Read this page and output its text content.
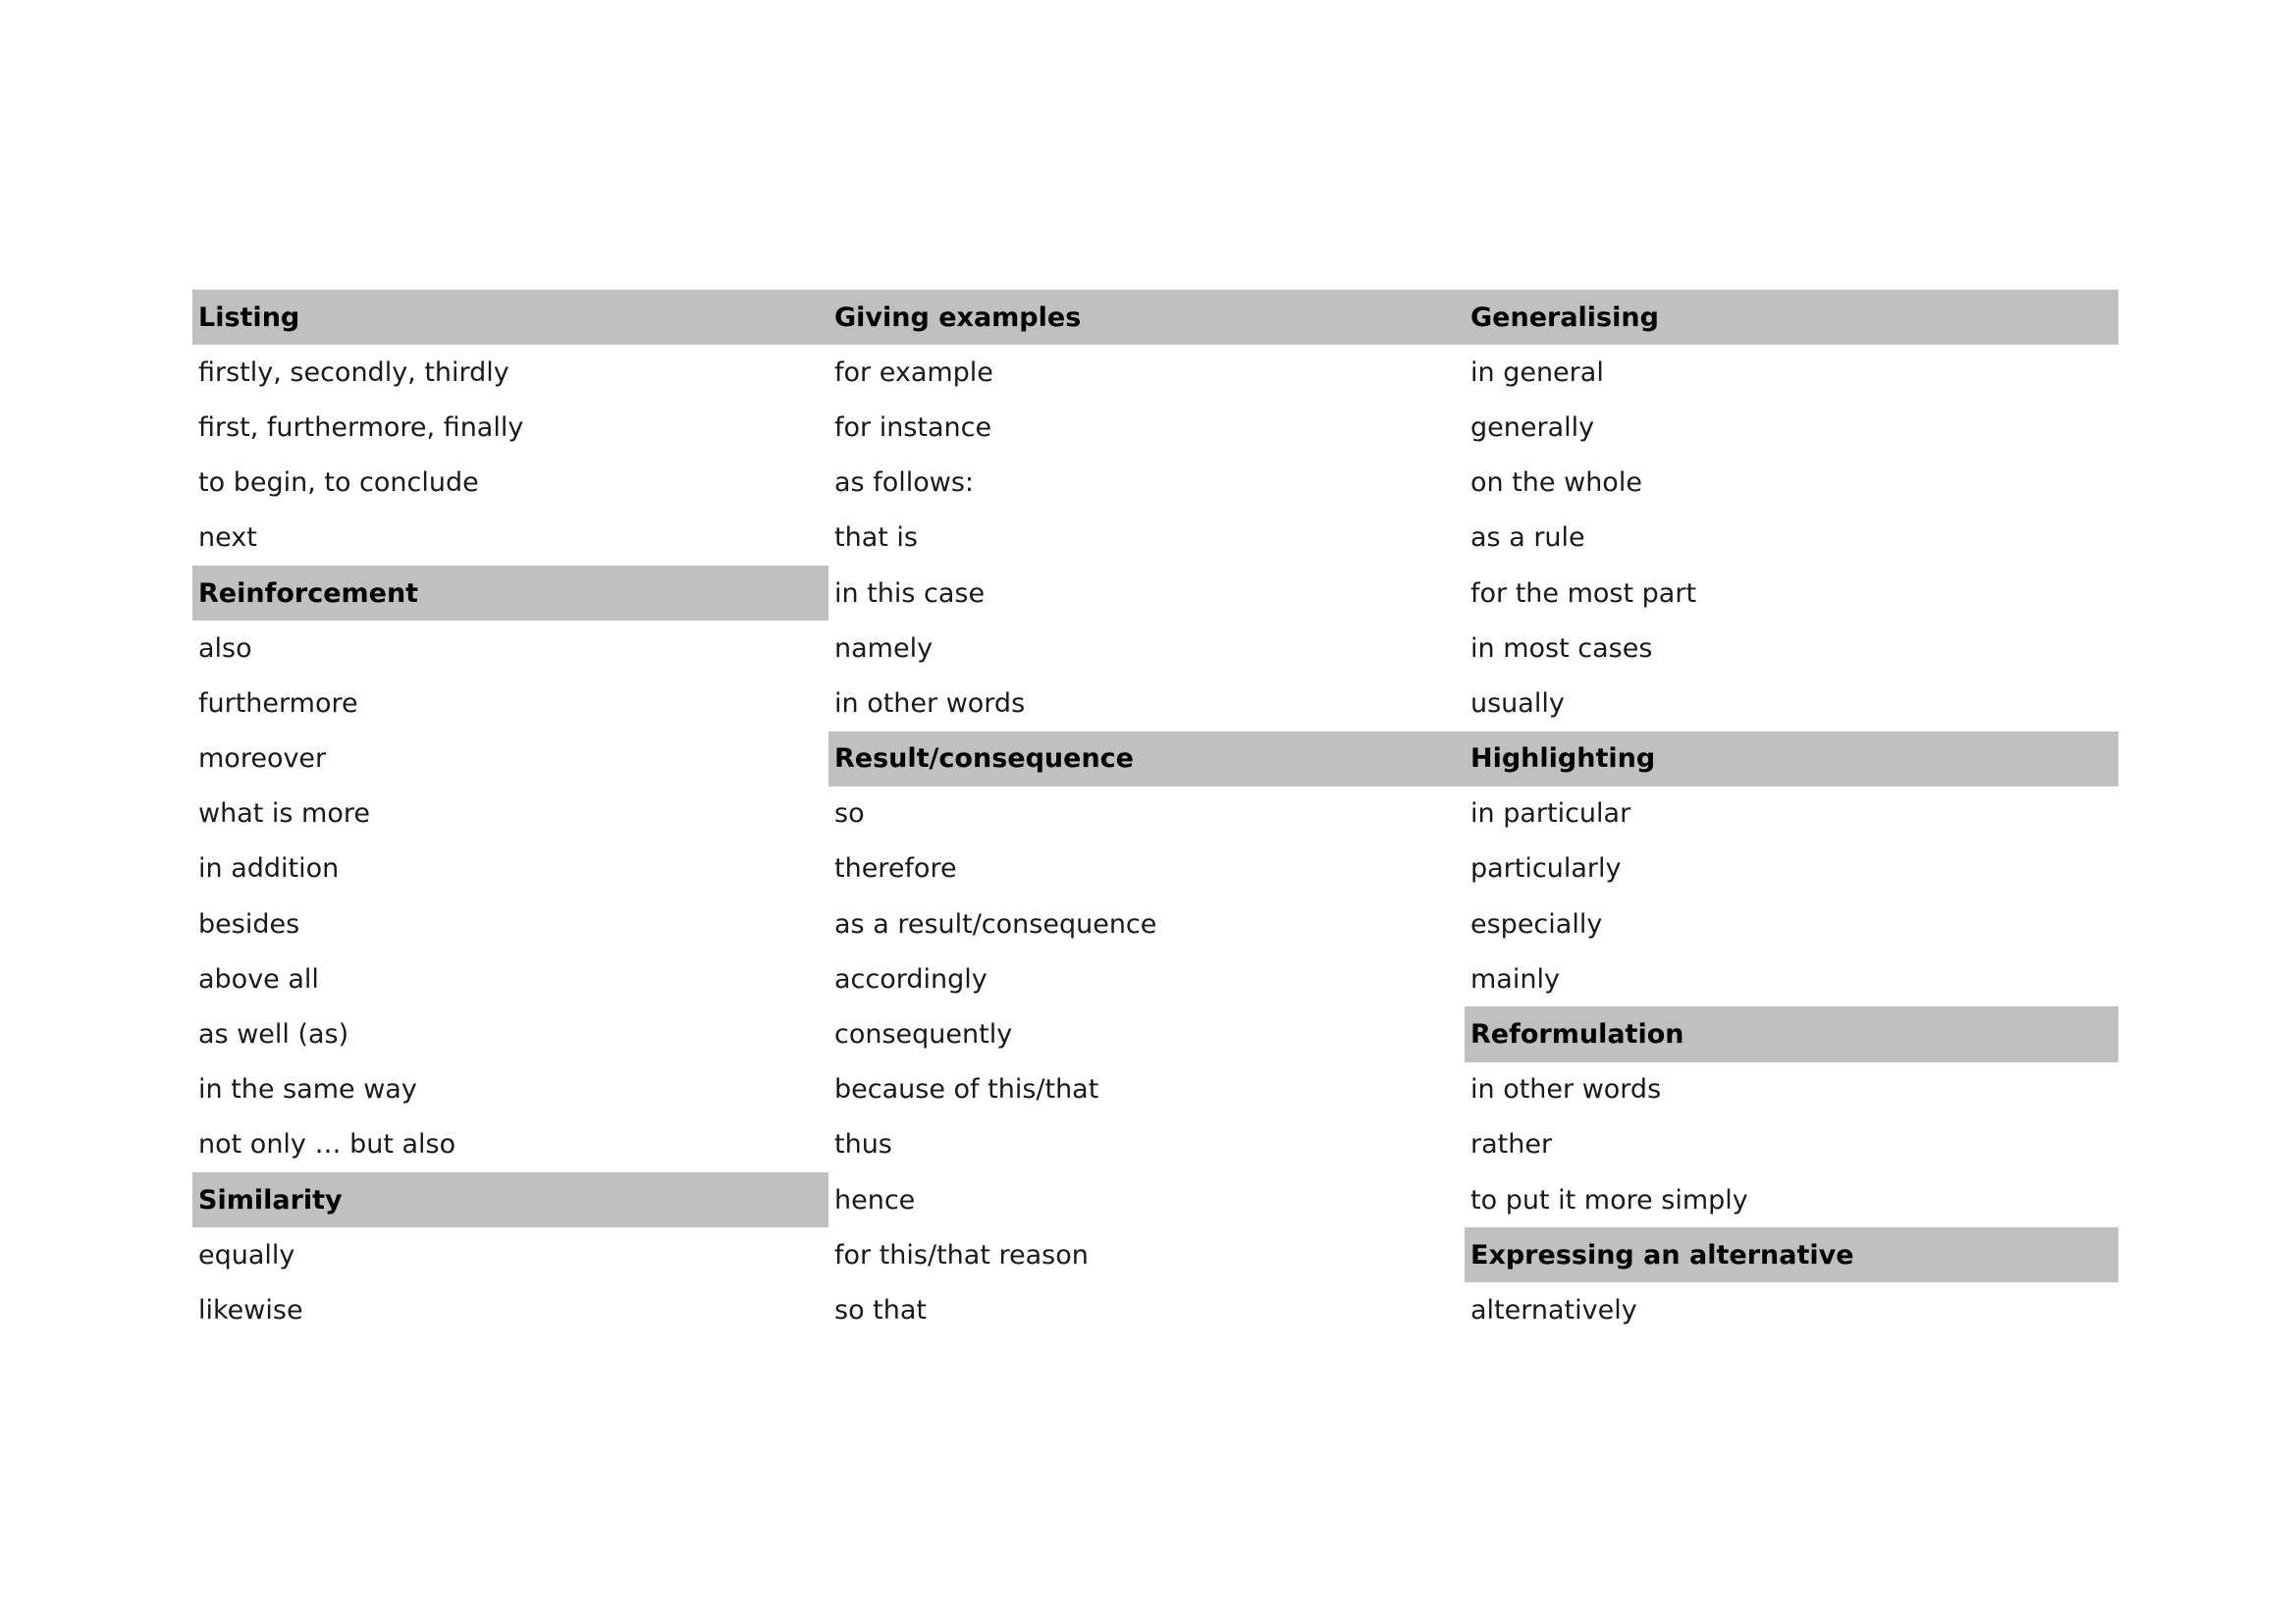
Listing
firstly, secondly, thirdly
first, furthermore, finally
to begin, to conclude
next
Reinforcement
also
furthermore
moreover
what is more
in addition
besides
above all
as well (as)
in the same way
not only … but also
Similarity
equally
likewise
Giving examples
for example
for instance
as follows:
that is
in this case
namely
in other words
Result/consequence
so
therefore
as a result/consequence
accordingly
consequently
because of this/that
thus
hence
for this/that reason
so that
Generalising
in general
generally
on the whole
as a rule
for the most part
in most cases
usually
Highlighting
in particular
particularly
especially
mainly
Reformulation
in other words
rather
to put it more simply
Expressing an alternative
alternatively
